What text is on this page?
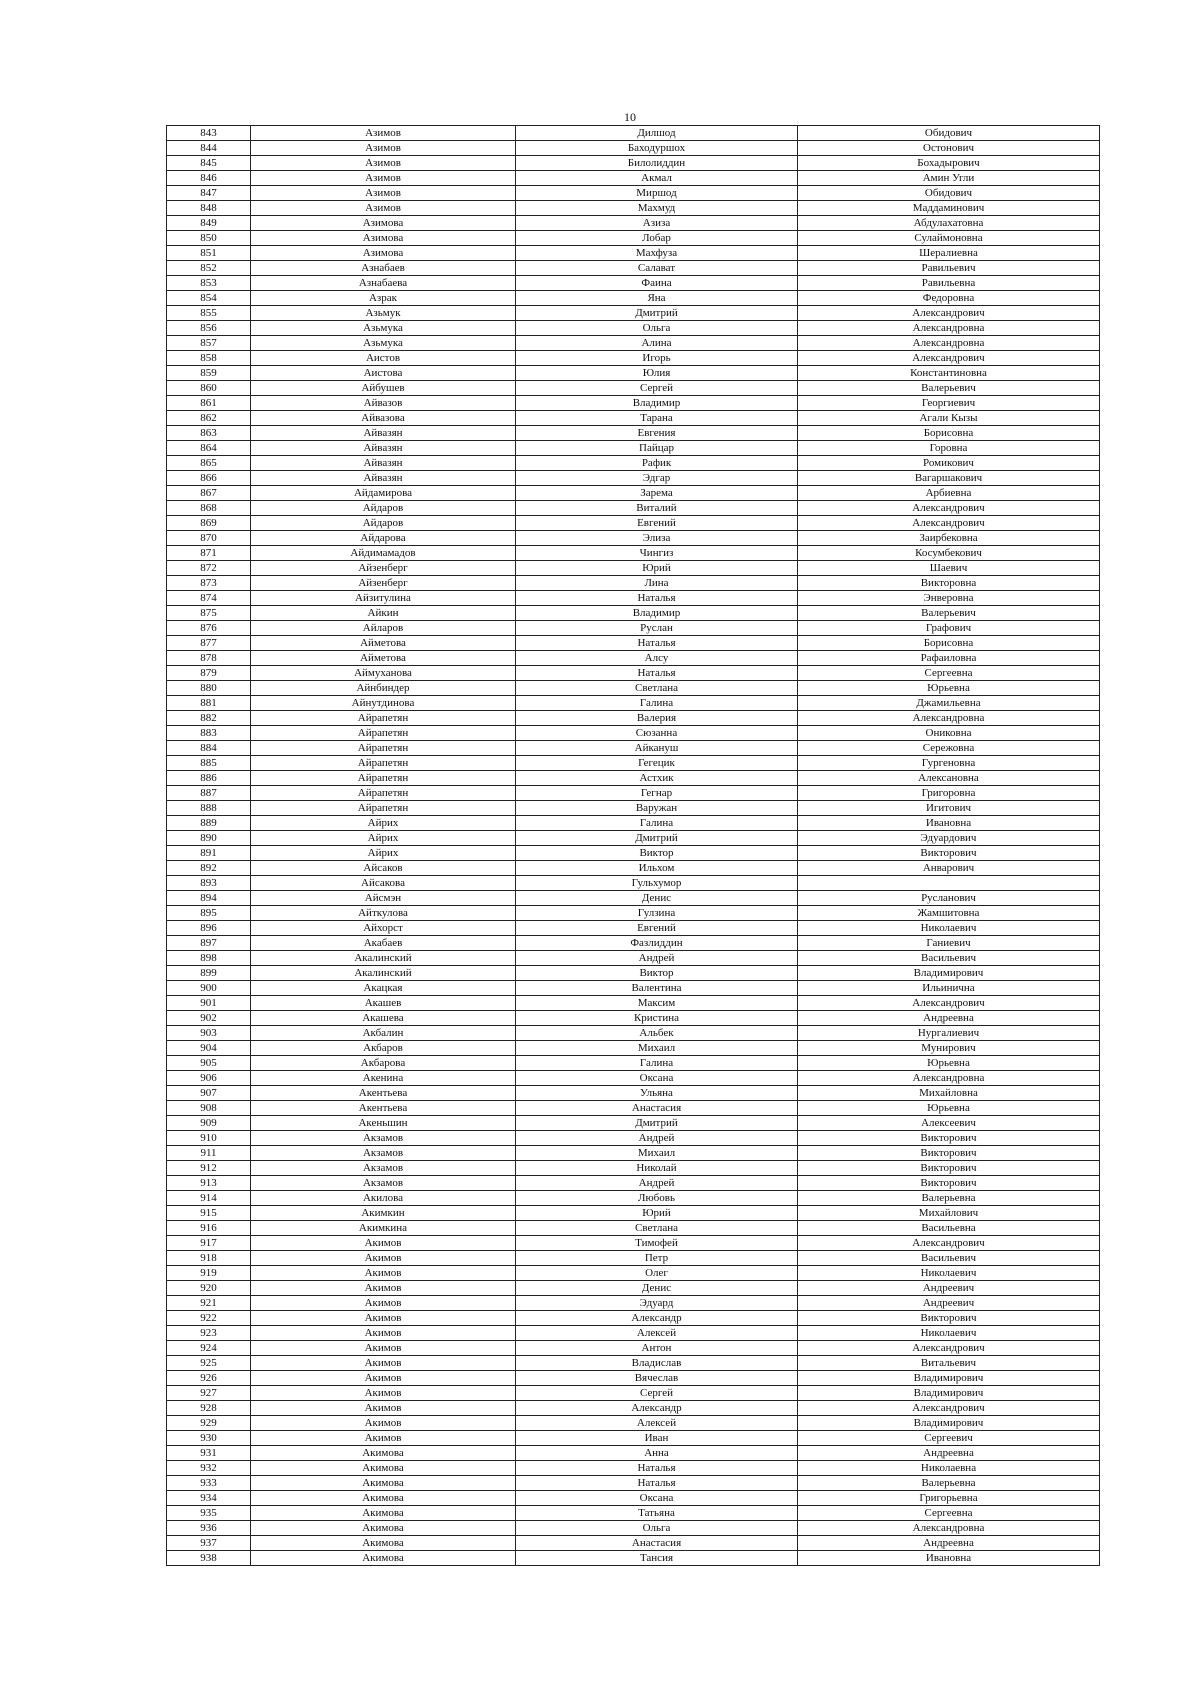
10
843	Азимов	Дилшод	Обидович
844	Азимов	Баходуршох	Остонович
845	Азимов	Билолиддин	Бохадырович
846	Азимов	Акмал	Амин Угли
847	Азимов	Миршод	Обидович
848	Азимов	Махмуд	Маддаминович
849	Азимова	Азиза	Абдулахатовна
850	Азимова	Лобар	Сулаймоновна
851	Азимова	Махфуза	Шералиевна
852	Азнабаев	Салават	Равильевич
853	Азнабаева	Фаина	Равильевна
854	Азрак	Яна	Федоровна
855	Азьмук	Дмитрий	Александрович
856	Азьмука	Ольга	Александровна
857	Азьмука	Алина	Александровна
858	Аистов	Игорь	Александрович
859	Аистова	Юлия	Константиновна
860	Айбушев	Сергей	Валерьевич
861	Айвазов	Владимир	Георгиевич
862	Айвазова	Тарана	Агали Кызы
863	Айвазян	Евгения	Борисовна
864	Айвазян	Пайцар	Горовна
865	Айвазян	Рафик	Ромикович
866	Айвазян	Эдгар	Вагаршакович
867	Айдамирова	Зарема	Арбиевна
868	Айдаров	Виталий	Александрович
869	Айдаров	Евгений	Александрович
870	Айдарова	Элиза	Заирбековна
871	Айдимамадов	Чингиз	Косумбекович
872	Айзенберг	Юрий	Шаевич
873	Айзенберг	Лина	Викторовна
874	Айзитулина	Наталья	Энверовна
875	Айкин	Владимир	Валерьевич
876	Айларов	Руслан	Графович
877	Айметова	Наталья	Борисовна
878	Айметова	Алсу	Рафаиловна
879	Аймуханова	Наталья	Сергеевна
880	Айнбиндер	Светлана	Юрьевна
881	Айнутдинова	Галина	Джамильевна
882	Айрапетян	Валерия	Александровна
883	Айрапетян	Сюзанна	Ониковна
884	Айрапетян	Айкануш	Сережовна
885	Айрапетян	Гегецик	Гургеновна
886	Айрапетян	Астхик	Алексановна
887	Айрапетян	Гегнар	Григоровна
888	Айрапетян	Варужан	Игитович
889	Айрих	Галина	Ивановна
890	Айрих	Дмитрий	Эдуардович
891	Айрих	Виктор	Викторович
892	Айсаков	Ильхом	Анварович
893	Айсакова	Гульхумор	
894	Айсмэн	Денис	Русланович
895	Айткулова	Гулзина	Жамшитовна
896	Айхорст	Евгений	Николаевич
897	Акабаев	Фазлиддин	Ганиевич
898	Акалинский	Андрей	Васильевич
899	Акалинский	Виктор	Владимирович
900	Акацкая	Валентина	Ильинична
901	Акашев	Максим	Александрович
902	Акашева	Кристина	Андреевна
903	Акбалин	Альбек	Нургалиевич
904	Акбаров	Михаил	Мунирович
905	Акбарова	Галина	Юрьевна
906	Акенина	Оксана	Александровна
907	Акентьева	Ульяна	Михайловна
908	Акентьева	Анастасия	Юрьевна
909	Акеньшин	Дмитрий	Алексеевич
910	Акзамов	Андрей	Викторович
911	Акзамов	Михаил	Викторович
912	Акзамов	Николай	Викторович
913	Акзамов	Андрей	Викторович
914	Акилова	Любовь	Валерьевна
915	Акимкин	Юрий	Михайлович
916	Акимкина	Светлана	Васильевна
917	Акимов	Тимофей	Александрович
918	Акимов	Петр	Васильевич
919	Акимов	Олег	Николаевич
920	Акимов	Денис	Андреевич
921	Акимов	Эдуард	Андреевич
922	Акимов	Александр	Викторович
923	Акимов	Алексей	Николаевич
924	Акимов	Антон	Александрович
925	Акимов	Владислав	Витальевич
926	Акимов	Вячеслав	Владимирович
927	Акимов	Сергей	Владимирович
928	Акимов	Александр	Александрович
929	Акимов	Алексей	Владимирович
930	Акимов	Иван	Сергеевич
931	Акимова	Анна	Андреевна
932	Акимова	Наталья	Николаевна
933	Акимова	Наталья	Валерьевна
934	Акимова	Оксана	Григорьевна
935	Акимова	Татьяна	Сергеевна
936	Акимова	Ольга	Александровна
937	Акимова	Анастасия	Андреевна
938	Акимова	Тансия	Ивановна
